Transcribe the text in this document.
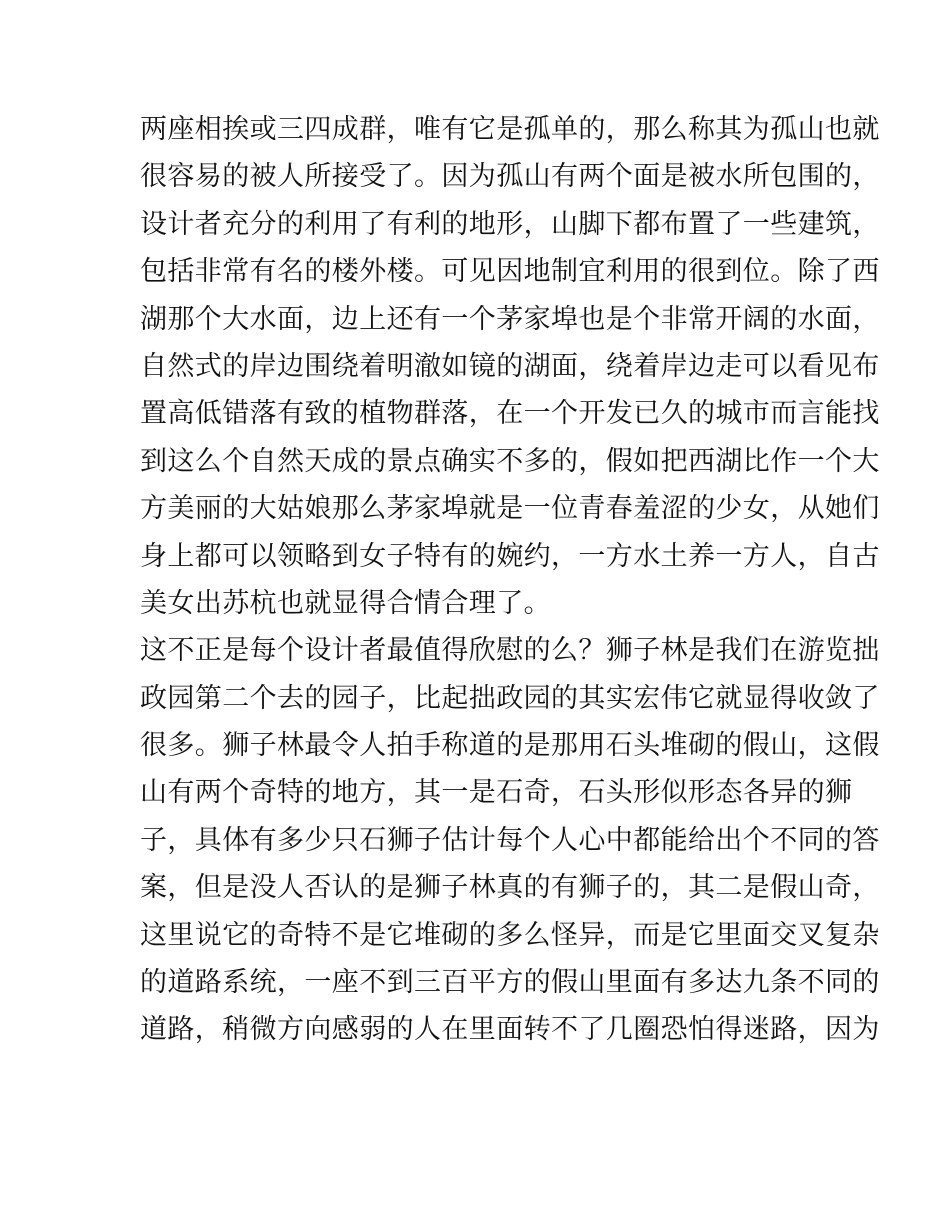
两座相挨或三四成群，唯有它是孤单的，那么称其为孤山也就
很容易的被人所接受了。因为孤山有两个面是被水所包围的，
设计者充分的利用了有利的地形，山脚下都布置了一些建筑，
包括非常有名的楼外楼。可见因地制宜利用的很到位。除了西
湖那个大水面，边上还有一个茅家埠也是个非常开阔的水面，
自然式的岸边围绕着明澈如镜的湖面，绕着岸边走可以看见布
置高低错落有致的植物群落，在一个开发已久的城市而言能找
到这么个自然天成的景点确实不多的，假如把西湖比作一个大
方美丽的大姑娘那么茅家埠就是一位青春羞涩的少女，从她们
身上都可以领略到女子特有的婉约，一方水土养一方人，自古
美女出苏杭也就显得合情合理了。
这不正是每个设计者最值得欣慰的么？狮子林是我们在游览拙
政园第二个去的园子，比起拙政园的其实宏伟它就显得收敛了
很多。狮子林最令人拍手称道的是那用石头堆砌的假山，这假
山有两个奇特的地方，其一是石奇，石头形似形态各异的狮
子，具体有多少只石狮子估计每个人心中都能给出个不同的答
案，但是没人否认的是狮子林真的有狮子的，其二是假山奇，
这里说它的奇特不是它堆砌的多么怪异，而是它里面交叉复杂
的道路系统，一座不到三百平方的假山里面有多达九条不同的
道路，稍微方向感弱的人在里面转不了几圈恐怕得迷路，因为
